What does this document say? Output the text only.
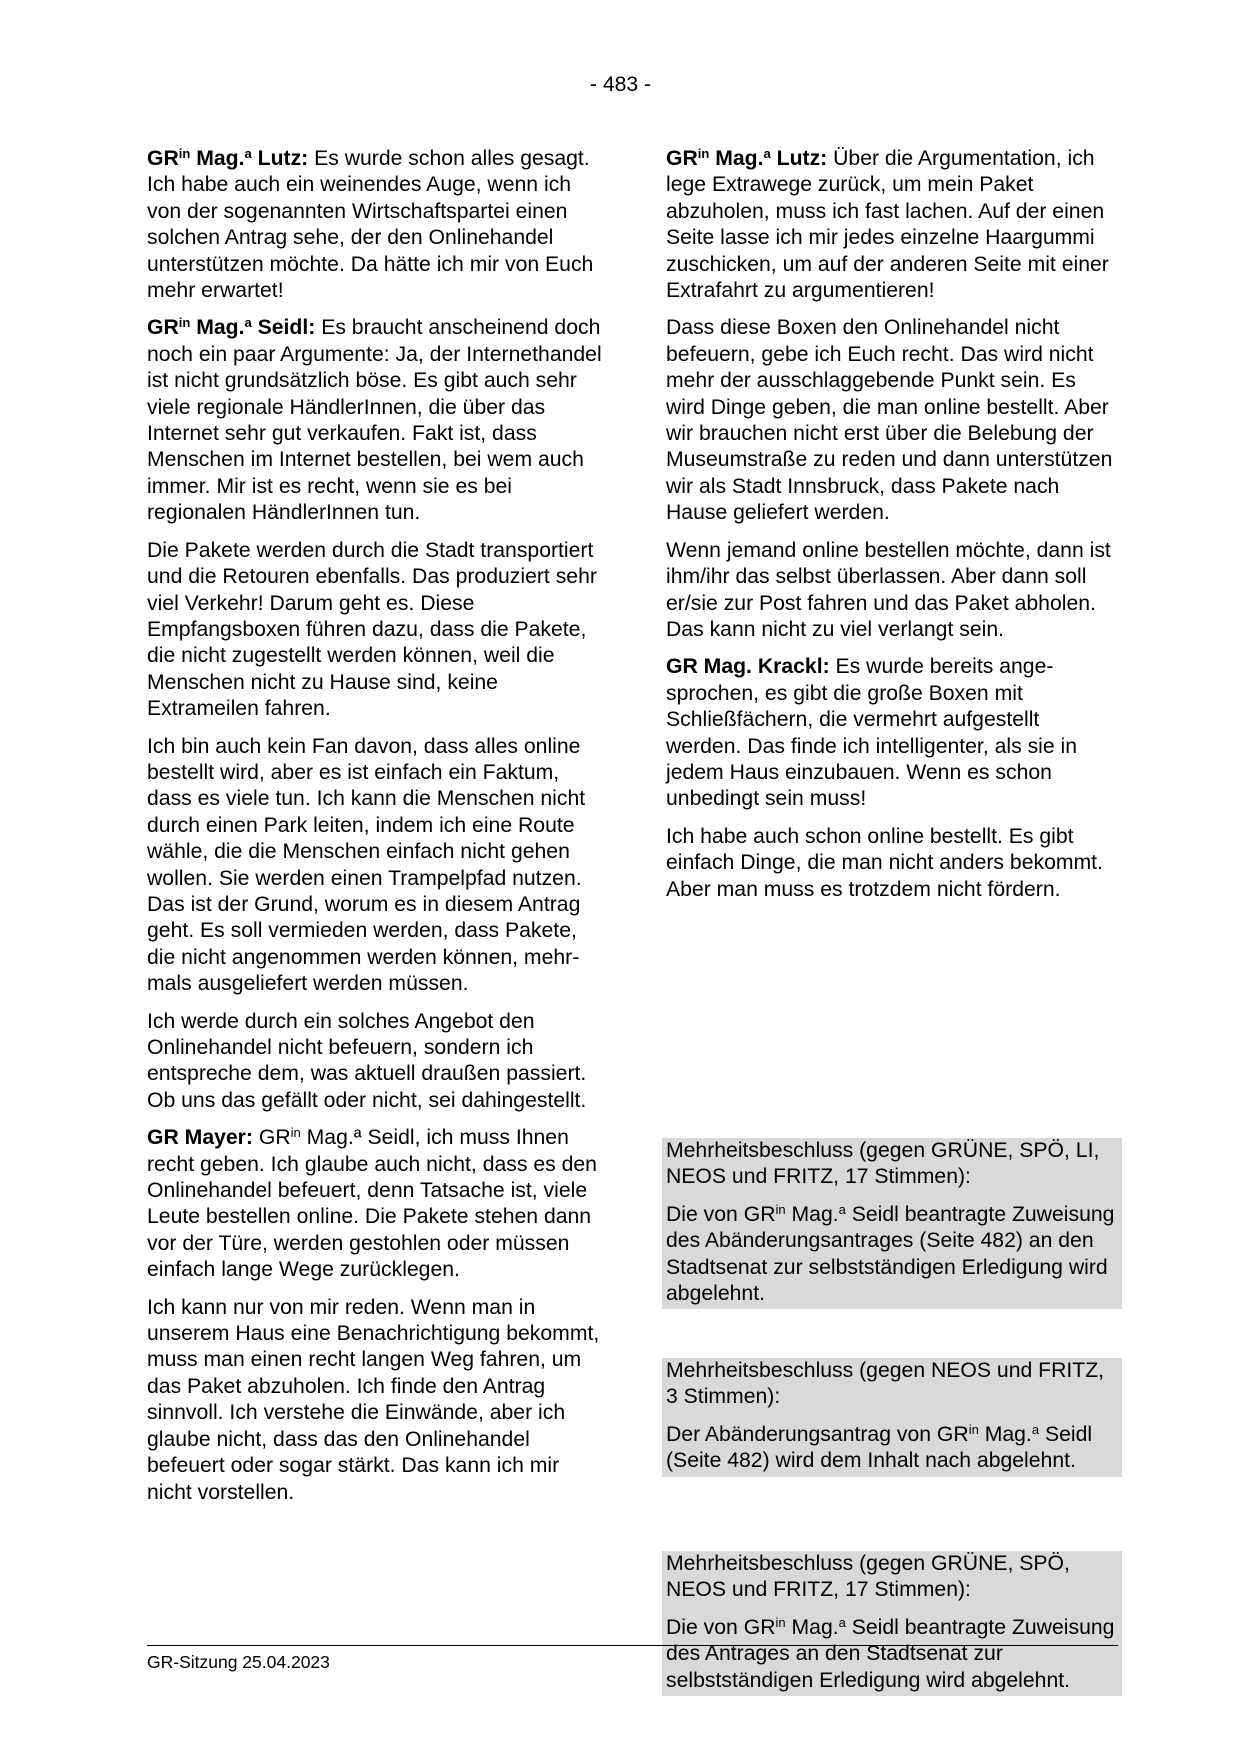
- 483 -

$GR^{in}$ Mag.$^a$ Lutz: Es wurde schon alles gesagt. Ich habe auch ein weinendes Auge, wenn ich von der sogenannten Wirtschaftspartei einen solchen Antrag sehe, der den Onlinehandel unterstützen möchte. Da hätte ich mir von Euch mehr erwartet!

$GR^{in}$ Mag.$^a$ Seidl: Es braucht anscheinend doch noch ein paar Argumente: Ja, der Internethandel ist nicht grundsätzlich böse. Es gibt auch sehr viele regionale HändlerInnen, die über das Internet sehr gut verkaufen. Fakt ist, dass Menschen im Internet bestellen, bei wem auch immer. Mir ist es recht, wenn sie es bei regionalen HändlerInnen tun.

Die Pakete werden durch die Stadt transportiert und die Retouren ebenfalls. Das produziert sehr viel Verkehr! Darum geht es. Diese Empfangsboxen führen dazu, dass die Pakete, die nicht zugestellt werden können, weil die Menschen nicht zu Hause sind, keine Extrameilen fahren.

Ich bin auch kein Fan davon, dass alles online bestellt wird, aber es ist einfach ein Faktum, dass es viele tun. Ich kann die Menschen nicht durch einen Park leiten, indem ich eine Route wähle, die die Menschen einfach nicht gehen wollen. Sie werden einen Trampelpfad nutzen. Das ist der Grund, worum es in diesem Antrag geht. Es soll vermieden werden, dass Pakete, die nicht angenommen werden können, mehrmals ausgeliefert werden müssen.

Ich werde durch ein solches Angebot den Onlinehandel nicht befeuern, sondern ich entspreche dem, was aktuell draußen passiert. Ob uns das gefällt oder nicht, sei dahingestellt.

GR Mayer: $GR^{in}$ Mag.ª Seidl, ich muss Ihnen recht geben. Ich glaube auch nicht, dass es den Onlinehandel befeuert, denn Tatsache ist, viele Leute bestellen online. Die Pakete stehen dann vor der Türe, werden gestohlen oder müssen einfach lange Wege zurücklegen.

Ich kann nur von mir reden. Wenn man in unserem Haus eine Benachrichtigung bekommt, muss man einen recht langen Weg fahren, um das Paket abzuholen. Ich finde den Antrag sinnvoll. Ich verstehe die Einwände, aber ich glaube nicht, dass das den Onlinehandel befeuert oder sogar stärkt. Das kann ich mir nicht vorstellen.

$GR^{in}$ Mag.$^a$ Lutz: Über die Argumentation, ich lege Extrawege zurück, um mein Paket abzuholen, muss ich fast lachen. Auf der einen Seite lasse ich mir jedes einzelne Haargummi zuschicken, um auf der anderen Seite mit einer Extrafahrt zu argumentieren!

Dass diese Boxen den Onlinehandel nicht befeuern, gebe ich Euch recht. Das wird nicht mehr der ausschlaggebende Punkt sein. Es wird Dinge geben, die man online bestellt. Aber wir brauchen nicht erst über die Belebung der Museumstraße zu reden und dann unterstützen wir als Stadt Innsbruck, dass Pakete nach Hause geliefert werden.

Wenn jemand online bestellen möchte, dann ist ihm/ihr das selbst überlassen. Aber dann soll er/sie zur Post fahren und das Paket abholen. Das kann nicht zu viel verlangt sein.

GR Mag. Krackl: Es wurde bereits angesprochen, es gibt die große Boxen mit Schließfächern, die vermehrt aufgestellt werden. Das finde ich intelligenter, als sie in jedem Haus einzubauen. Wenn es schon unbedingt sein muss!

Ich habe auch schon online bestellt. Es gibt einfach Dinge, die man nicht anders bekommt. Aber man muss es trotzdem nicht fördern.

Mehrheitsbeschluss (gegen GRÜNE, SPÖ, LI, NEOS und FRITZ, 17 Stimmen):

Die von $GR^{in}$ Mag.$^a$ Seidl beantragte Zuweisung des Abänderungsantrages (Seite 482) an den Stadtsenat zur selbstständigen Erledigung wird abgelehnt.

Mehrheitsbeschluss (gegen NEOS und FRITZ, 3 Stimmen):

Der Abänderungsantrag von $GR^{in}$ Mag.$^a$ Seidl (Seite 482) wird dem Inhalt nach abgelehnt.

Mehrheitsbeschluss (gegen GRÜNE, SPÖ, NEOS und FRITZ, 17 Stimmen):

Die von $GR^{in}$ Mag.$^a$ Seidl beantragte Zuweisung des Antrages an den Stadtsenat zur selbstständigen Erledigung wird abgelehnt.

GR-Sitzung 25.04.2023
